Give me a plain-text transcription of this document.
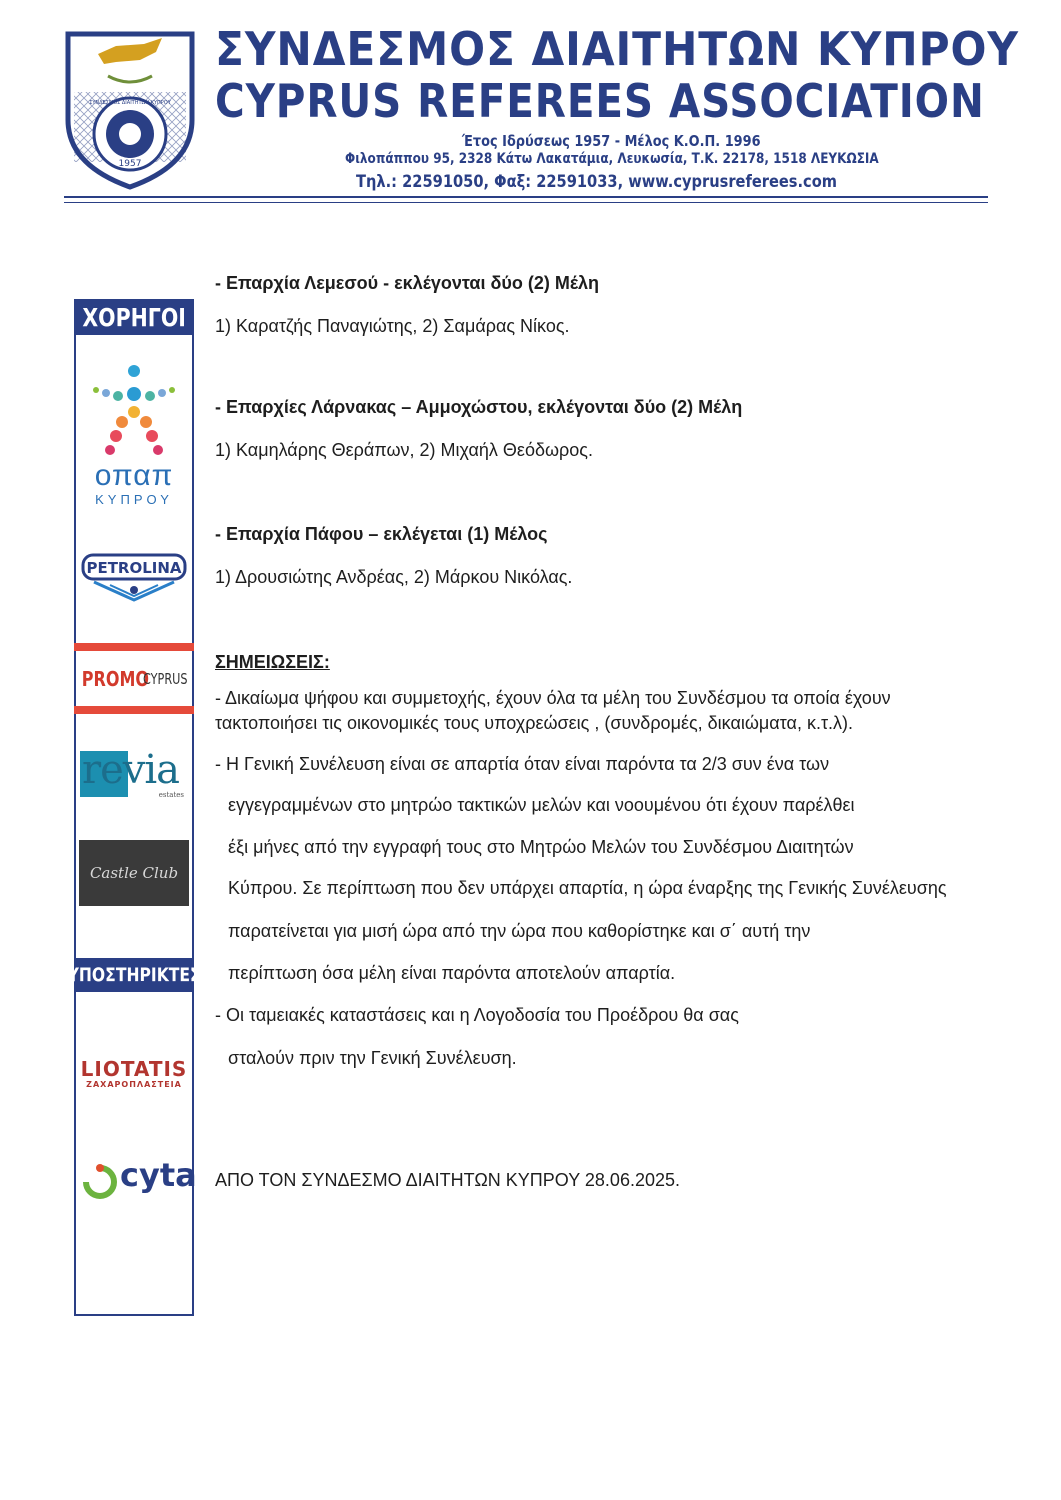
1957
ΣΥΝΔΕΣΜΟΣ ΔΙΑΙΤΗΤΩΝ ΚΥΠΡΟΥ
ΣΥΝΔΕΣΜΟΣ ΔΙΑΙΤΗΤΩΝ ΚΥΠΡΟΥ
CYPRUS REFEREES ASSOCIATION
Έτος Ιδρύσεως 1957 - Μέλος Κ.Ο.Π. 1996
Φιλοπάππου 95, 2328 Κάτω Λακατάμια, Λευκωσία, Τ.Κ. 22178, 1518 ΛΕΥΚΩΣΙΑ
Τηλ.: 22591050, Φαξ: 22591033, www.cyprusreferees.com
ΧΟΡΗΓΟΙ
ΥΠΟΣΤΗΡΙΚΤΕΣ
οπαπ
ΚΥΠΡΟΥ
PETROLINA
PROMO
CYPRUS
revia
estates
Castle Club
LIOTATIS
ΖΑΧΑΡΟΠΛΑΣΤΕΙΑ
cyta
- Επαρχία Λεμεσού - εκλέγονται δύο (2) Μέλη
1) Καρατζής Παναγιώτης, 2) Σαμάρας Νίκος.
- Επαρχίες Λάρνακας – Αμμοχώστου, εκλέγονται δύο (2) Μέλη
1) Καμηλάρης Θεράπων, 2) Μιχαήλ Θεόδωρος.
- Επαρχία Πάφου – εκλέγεται (1) Μέλος
1) Δρουσιώτης Ανδρέας, 2) Μάρκου Νικόλας.
ΣΗΜΕΙΩΣΕΙΣ:
- Δικαίωμα ψήφου και συμμετοχής, έχουν όλα τα μέλη του Συνδέσμου τα οποία έχουν
τακτοποιήσει τις οικονομικές τους υποχρεώσεις , (συνδρομές, δικαιώματα, κ.τ.λ).
- Η Γενική Συνέλευση είναι σε απαρτία όταν είναι παρόντα τα 2/3 συν ένα των
εγγεγραμμένων στο μητρώο τακτικών μελών και νοουμένου ότι έχουν παρέλθει
έξι μήνες από την εγγραφή τους στο Μητρώο Μελών του Συνδέσμου Διαιτητών
Κύπρου. Σε περίπτωση που δεν υπάρχει απαρτία, η ώρα έναρξης της Γενικής Συνέλευσης
παρατείνεται για μισή ώρα από την ώρα που καθορίστηκε και σ΄ αυτή την
περίπτωση όσα μέλη είναι παρόντα αποτελούν απαρτία.
- Οι ταμειακές καταστάσεις και η Λογοδοσία του Προέδρου θα σας
σταλούν πριν την Γενική Συνέλευση.
ΑΠΟ ΤΟΝ ΣΥΝΔΕΣΜΟ ΔΙΑΙΤΗΤΩΝ ΚΥΠΡΟΥ 28.06.2025.
